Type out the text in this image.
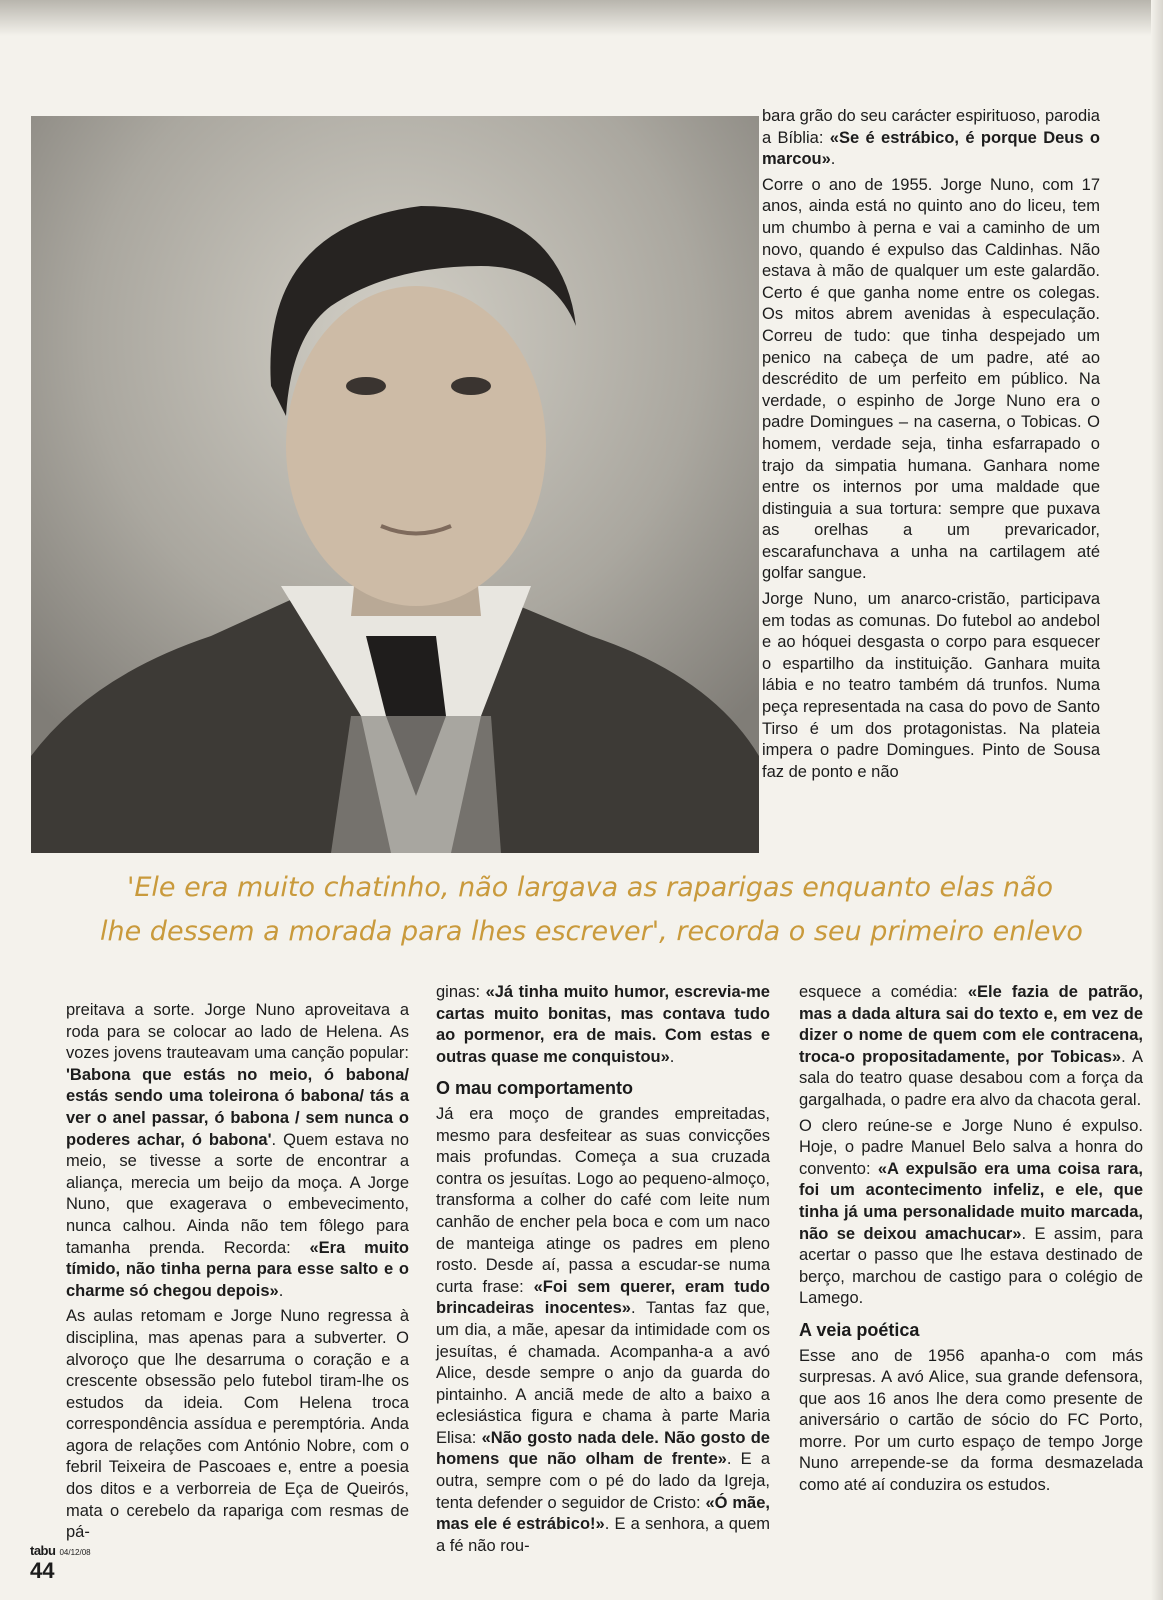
bara grão do seu carácter espirituoso, parodia a Bíblia: «Se é estrábico, é porque Deus o marcou».

Corre o ano de 1955. Jorge Nuno, com 17 anos, ainda está no quinto ano do liceu, tem um chumbo à perna e vai a caminho de um novo, quando é expulso das Caldinhas. Não estava à mão de qualquer um este galardão. Certo é que ganha nome entre os colegas. Os mitos abrem avenidas à especulação. Correu de tudo: que tinha despejado um penico na cabeça de um padre, até ao descrédito de um perfeito em público. Na verdade, o espinho de Jorge Nuno era o padre Domingues – na caserna, o Tobicas. O homem, verdade seja, tinha esfarrapado o trajo da simpatia humana. Ganhara nome entre os internos por uma maldade que distinguia a sua tortura: sempre que puxava as orelhas a um prevaricador, escarafunchava a unha na cartilagem até golfar sangue.

Jorge Nuno, um anarco-cristão, participava em todas as comunas. Do futebol ao andebol e ao hóquei desgasta o corpo para esquecer o espartilho da instituição. Ganhara muita lábia e no teatro também dá trunfos. Numa peça representada na casa do povo de Santo Tirso é um dos protagonistas. Na plateia impera o padre Domingues. Pinto de Sousa faz de ponto e não

'Ele era muito chatinho, não largava as raparigas enquanto elas não
lhe dessem a morada para lhes escrever', recorda o seu primeiro enlevo

preitava a sorte. Jorge Nuno aproveitava a roda para se colocar ao lado de Helena. As vozes jovens trauteavam uma canção popular: 'Babona que estás no meio, ó babona/ estás sendo uma toleirona ó babona/ tás a ver o anel passar, ó babona / sem nunca o poderes achar, ó babona'. Quem estava no meio, se tivesse a sorte de encontrar a aliança, merecia um beijo da moça. A Jorge Nuno, que exagerava o embevecimento, nunca calhou. Ainda não tem fôlego para tamanha prenda. Recorda: «Era muito tímido, não tinha perna para esse salto e o charme só chegou depois».

As aulas retomam e Jorge Nuno regressa à disciplina, mas apenas para a subverter. O alvoroço que lhe desarruma o coração e a crescente obsessão pelo futebol tiram-lhe os estudos da ideia. Com Helena troca correspondência assídua e peremptória. Anda agora de relações com António Nobre, com o febril Teixeira de Pascoaes e, entre a poesia dos ditos e a verborreia de Eça de Queirós, mata o cerebelo da rapariga com resmas de pá-

ginas: «Já tinha muito humor, escrevia-me cartas muito bonitas, mas contava tudo ao pormenor, era de mais. Com estas e outras quase me conquistou».

O mau comportamento

Já era moço de grandes empreitadas, mesmo para desfeitear as suas convicções mais profundas. Começa a sua cruzada contra os jesuítas. Logo ao pequeno-almoço, transforma a colher do café com leite num canhão de encher pela boca e com um naco de manteiga atinge os padres em pleno rosto. Desde aí, passa a escudar-se numa curta frase: «Foi sem querer, eram tudo brincadeiras inocentes». Tantas faz que, um dia, a mãe, apesar da intimidade com os jesuítas, é chamada. Acompanha-a a avó Alice, desde sempre o anjo da guarda do pintainho. A anciã mede de alto a baixo a eclesiástica figura e chama à parte Maria Elisa: «Não gosto nada dele. Não gosto de homens que não olham de frente». E a outra, sempre com o pé do lado da Igreja, tenta defender o seguidor de Cristo: «Ó mãe, mas ele é estrábico!». E a senhora, a quem a fé não rou-

esquece a comédia: «Ele fazia de patrão, mas a dada altura sai do texto e, em vez de dizer o nome de quem com ele contracena, troca-o propositadamente, por Tobicas». A sala do teatro quase desabou com a força da gargalhada, o padre era alvo da chacota geral.

O clero reúne-se e Jorge Nuno é expulso. Hoje, o padre Manuel Belo salva a honra do convento: «A expulsão era uma coisa rara, foi um acontecimento infeliz, e ele, que tinha já uma personalidade muito marcada, não se deixou amachucar». E assim, para acertar o passo que lhe estava destinado de berço, marchou de castigo para o colégio de Lamego.

A veia poética

Esse ano de 1956 apanha-o com más surpresas. A avó Alice, sua grande defensora, que aos 16 anos lhe dera como presente de aniversário o cartão de sócio do FC Porto, morre. Por um curto espaço de tempo Jorge Nuno arrepende-se da forma desmazelada como até aí conduzira os estudos.

tabu 04/12/08
44
